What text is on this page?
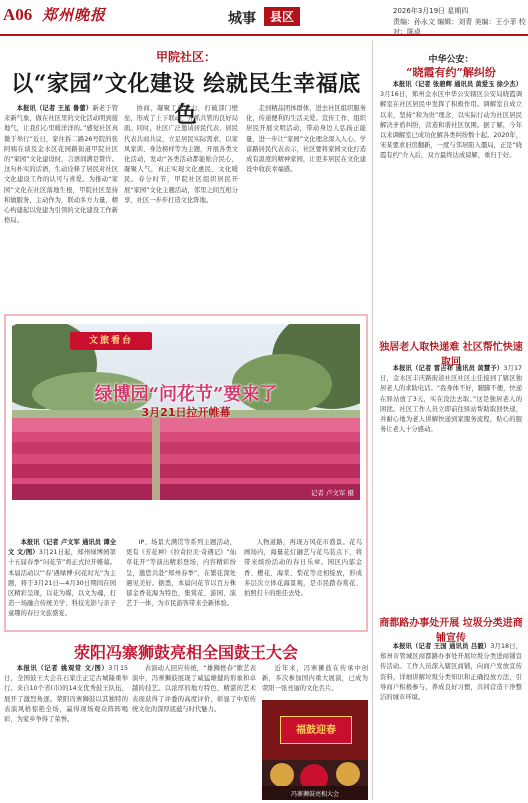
A06 郑州晚报	城事	县区	2026年3月19日 星期四
责编：孙永文 编辑：刘青 美编：王小菲 校对：陈卓
甲院社区：
以“家园”文化建设 绘就民生幸福底色

本报讯（记者 王星 鲁蕾）新老于管来新气象，做在社区里的文化活动明到接地气，让我们心里暖洋洋的。”感觉社区真微于举行”近日，家住拆二路26号院的张阿姨在谈及金水区花园路街道甲院社区的“家园”文化建设时，言语间满是赞许。这句朴实的话语，生动诠释了居民对社区文化建设工作的认可与喜爱。为推动“家园”文化在社区落地生根，甲院社区坚持和做服务，主动作为，联动多方力量，精心构建起以党建为引领的文化建设工作新格局。

协商，凝聚工作合力，打破部门壁垒，形成了上下联动、齐抓共管的良好局面。同时，社区广泛邀请居民代表、居民代表共商共议，立足居民实际需求，以家风家训、身边榜样等为主题，开展各类文化活动，发动“各类活动都能贴合民心，凝聚人气，真正实现文化惠民、文化暖民。春分时节，甲院社区组织居民开展“家园”文化主题活动，邻里之间互相分享，社区一步步打造文化阵地。

走到精品团体群体，进去社区组织服务化，传递便利的生活关爱。宣传工作，组织居民开展文明活动，带动身边人弘扬正能量，进一步让“家园”文化理念深入人心。学富路居民代表表示，社区要将家园文化打造成有温度的精神家园，让更多居民在文化建设中收获幸福感。

文旅看台
绿博园“问花节”要来了
3月21日拉开帷幕
记者 卢文军 摄

本报讯（记者 卢文军 通讯员 谭全文 文/图）3月21日起，郑州绿博园第十五届春季“问花节”将正式拉开帷幕。本届活动以“‘春’遇绿博·问花时光”为主题，将于3月21日—4月30日期间在园区精彩呈现，以花为媒，以文为魂，打造一场融合传统美学、科技光影与亲子童趣的春日文旅盛宴。

IP、场景大满贯等系列主题活动，更有《芳花神》《拉奇拉美·奇遇记》“仙草花开”等演出精彩登场，内容精彩纷呈，邀您共赴“郑州春季”，在繁花深处遇见美好。据悉，本届问花节以百万株郁金香花海为特色，集赏花、游园、演艺于一体，为市民游客带来全新体验。

人物道路，再现万风花市盛景。花鸟画场内，海量花灯融艺与花鸟装点下，将带来缤纷活动的春日乐章。园区内郁金香、樱花、海棠、梨花等竞相绽放，形成多层次立体花海景观，是市民踏春赏花、拍照打卡的绝佳去处。

荥阳冯寨狮鼓亮相全国鼓王大会

本报讯（记者 姚观常 文/图）3月15日，全国鼓王大会在石家庄正定古城隆重举行。来自10个省(市)的14支优秀鼓王队伍，展开了激烈角逐。荥阳冯寨狮鼓以其独特的表演风格惊艳全场，赢得现场观众阵阵喝彩，为家乡争得了荣誉。

表演动人回应传统，“雄狮挫春”歌艺表演中，冯寨狮鼓展现了威猛雄健的形象和卓越的技艺。以浓厚的地方特色、精湛的艺术表现获得了评委的高度评价，彰显了中原传统文化的深厚底蕴与时代魅力。

近年来，冯寨狮鼓在传承中创新，多次参加国内重大展演，已成为荥阳一张亮丽的文化名片。

福鼓迎春
冯寨狮鼓亮相大会
中华公安：
“晓霞有约”解纠纷

本报讯（记者 张碧辉 通讯员 黄爱玉 徐少杰）3月16日，郑州金水区中华公安辖区公安局晓霞调解室在社区居民中发挥了积极作用。调解室自成立以来，坚持“和为贵”理念，以实际行动为社区居民解决矛盾纠纷，营造和谐社区氛围。据了解，今年以来调解室已成功化解各类纠纷数十起。2020年，宋某要求旧房翻新，一度与邻居陷入僵局，正是“晓霞有约”介入后，双方最终达成谅解，重归于好。

独居老人取快递难 社区帮忙快速取回

本报讯（记者 雷吉祥 通讯员 黄慧予）3月17日，金水区丰庆路街道社区社区主任接到了辖区独居老人的求助电话。“我身体不好，腿脚不便，快递在驿站放了3天，实在没法去取。”这是独居老人的困扰。社区工作人员立即前往驿站帮助取回快递，并耐心地为老人讲解快递到家服务流程，贴心的服务让老人十分感动。

商都路办事处开展 垃圾分类进商铺宣传

本报讯（记者 王国 通讯员 吕毅）3月18日，郑州市管城区商都路办事处开展垃圾分类进商铺宣传活动。工作人员深入辖区商铺，向商户发放宣传资料，详细讲解垃圾分类知识和正确投放方法，引导商户积极参与，养成良好习惯，共同营造干净整洁的城市环境。
